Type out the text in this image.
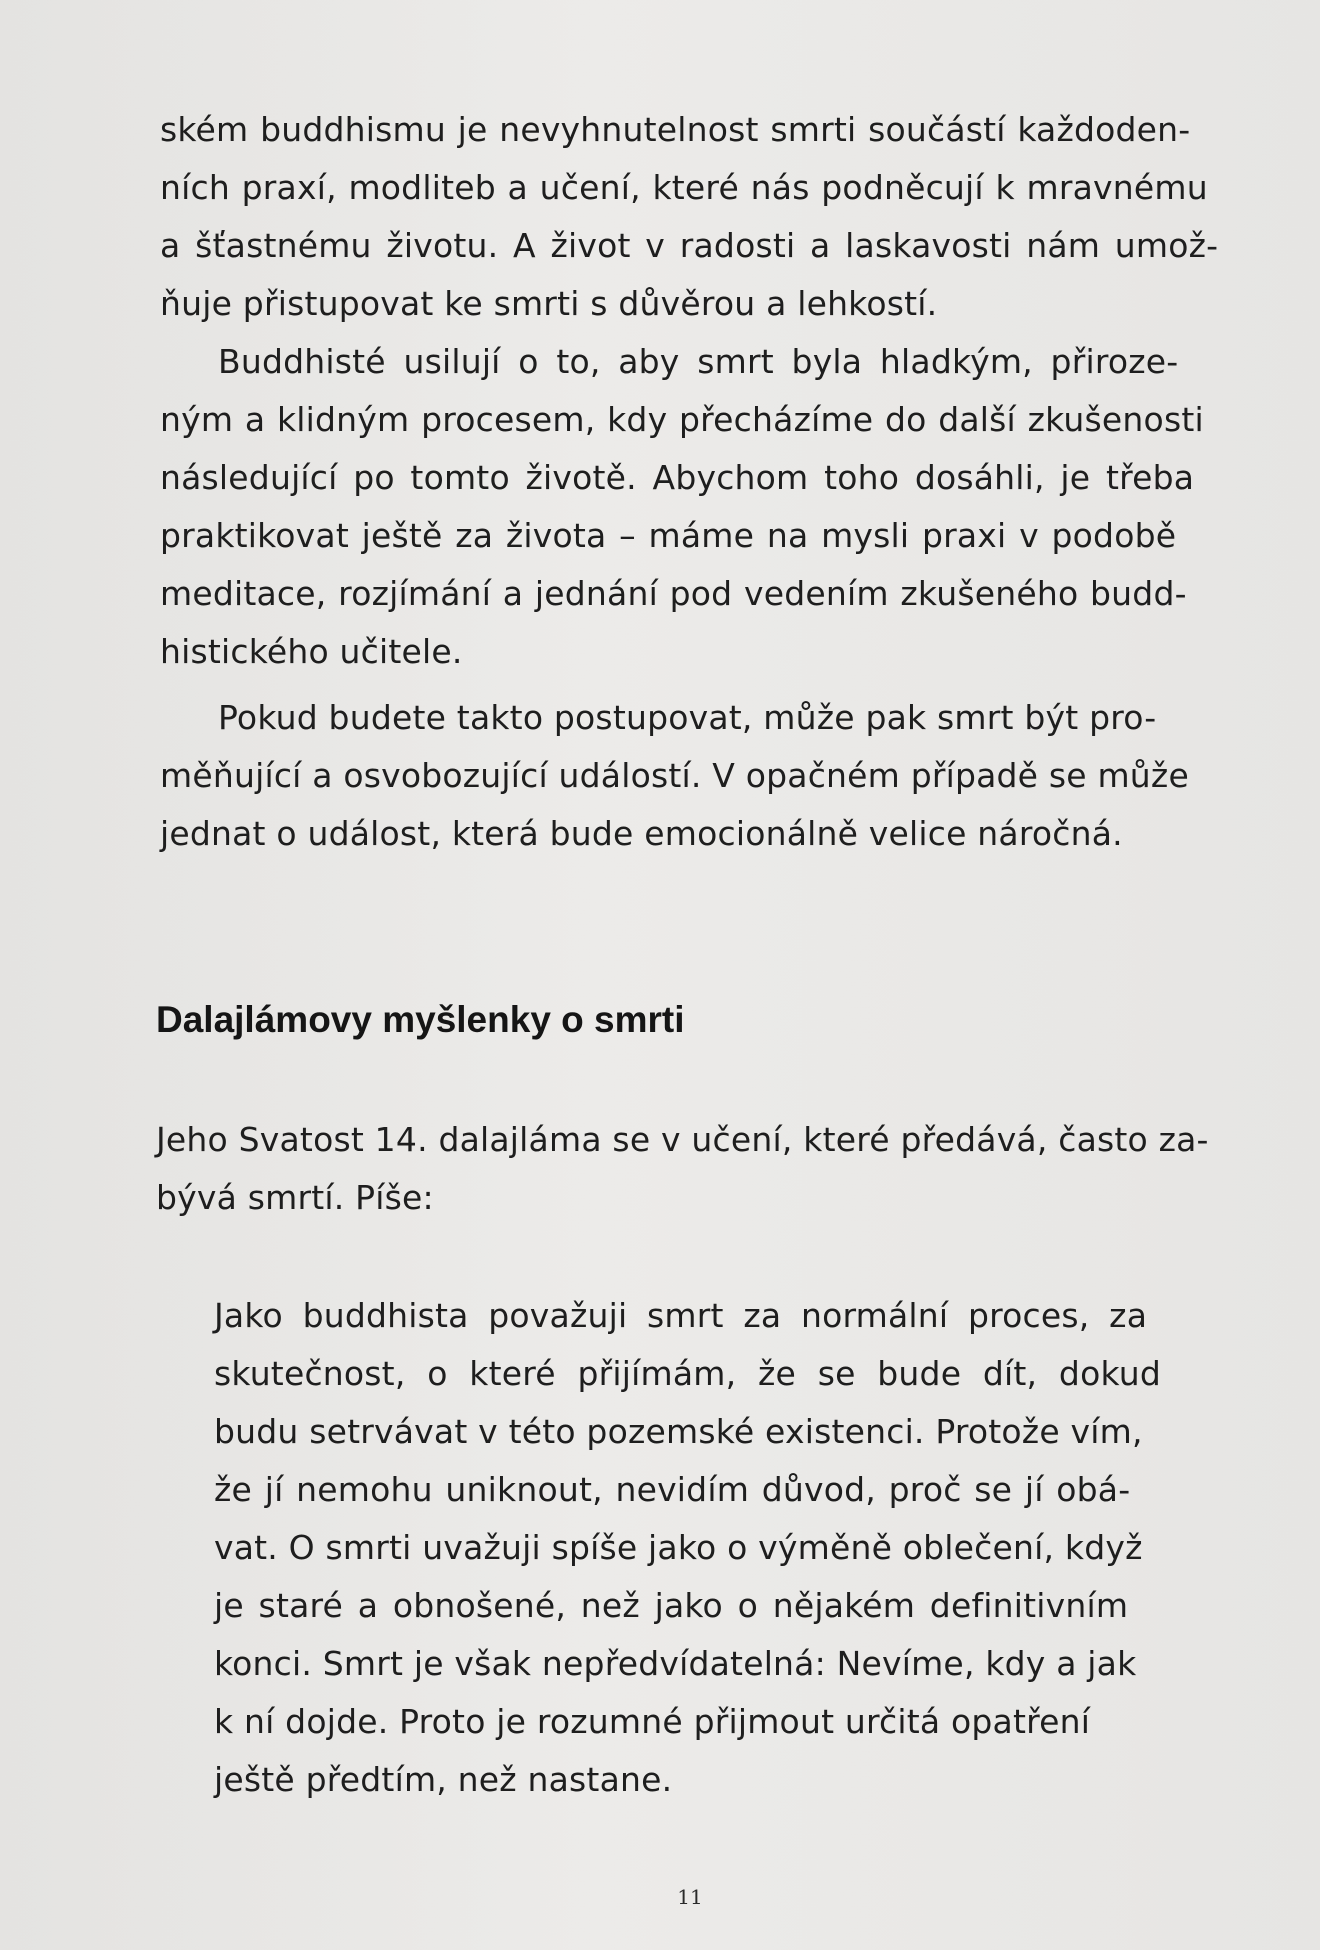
ském buddhismu je nevyhnutelnost smrti součástí každoden-
ních praxí, modliteb a učení, které nás podněcují k mravnému
a šťastnému životu. A život v radosti a laskavosti nám umož-
ňuje přistupovat ke smrti s důvěrou a lehkostí.
Buddhisté usilují o to, aby smrt byla hladkým, přiroze-
ným a klidným procesem, kdy přecházíme do další zkušenosti
následující po tomto životě. Abychom toho dosáhli, je třeba
praktikovat ještě za života – máme na mysli praxi v podobě
meditace, rozjímání a jednání pod vedením zkušeného budd-
histického učitele.
Pokud budete takto postupovat, může pak smrt být pro-
měňující a osvobozující událostí. V opačném případě se může
jednat o událost, která bude emocionálně velice náročná.
Dalajlámovy myšlenky o smrti
Jeho Svatost 14. dalajláma se v učení, které předává, často za-
bývá smrtí. Píše:
Jako buddhista považuji smrt za normální proces, za
skutečnost, o které přijímám, že se bude dít, dokud
budu setrvávat v této pozemské existenci. Protože vím,
že jí nemohu uniknout, nevidím důvod, proč se jí obá-
vat. O smrti uvažuji spíše jako o výměně oblečení, když
je staré a obnošené, než jako o nějakém definitivním
konci. Smrt je však nepředvídatelná: Nevíme, kdy a jak
k ní dojde. Proto je rozumné přijmout určitá opatření
ještě předtím, než nastane.
11
